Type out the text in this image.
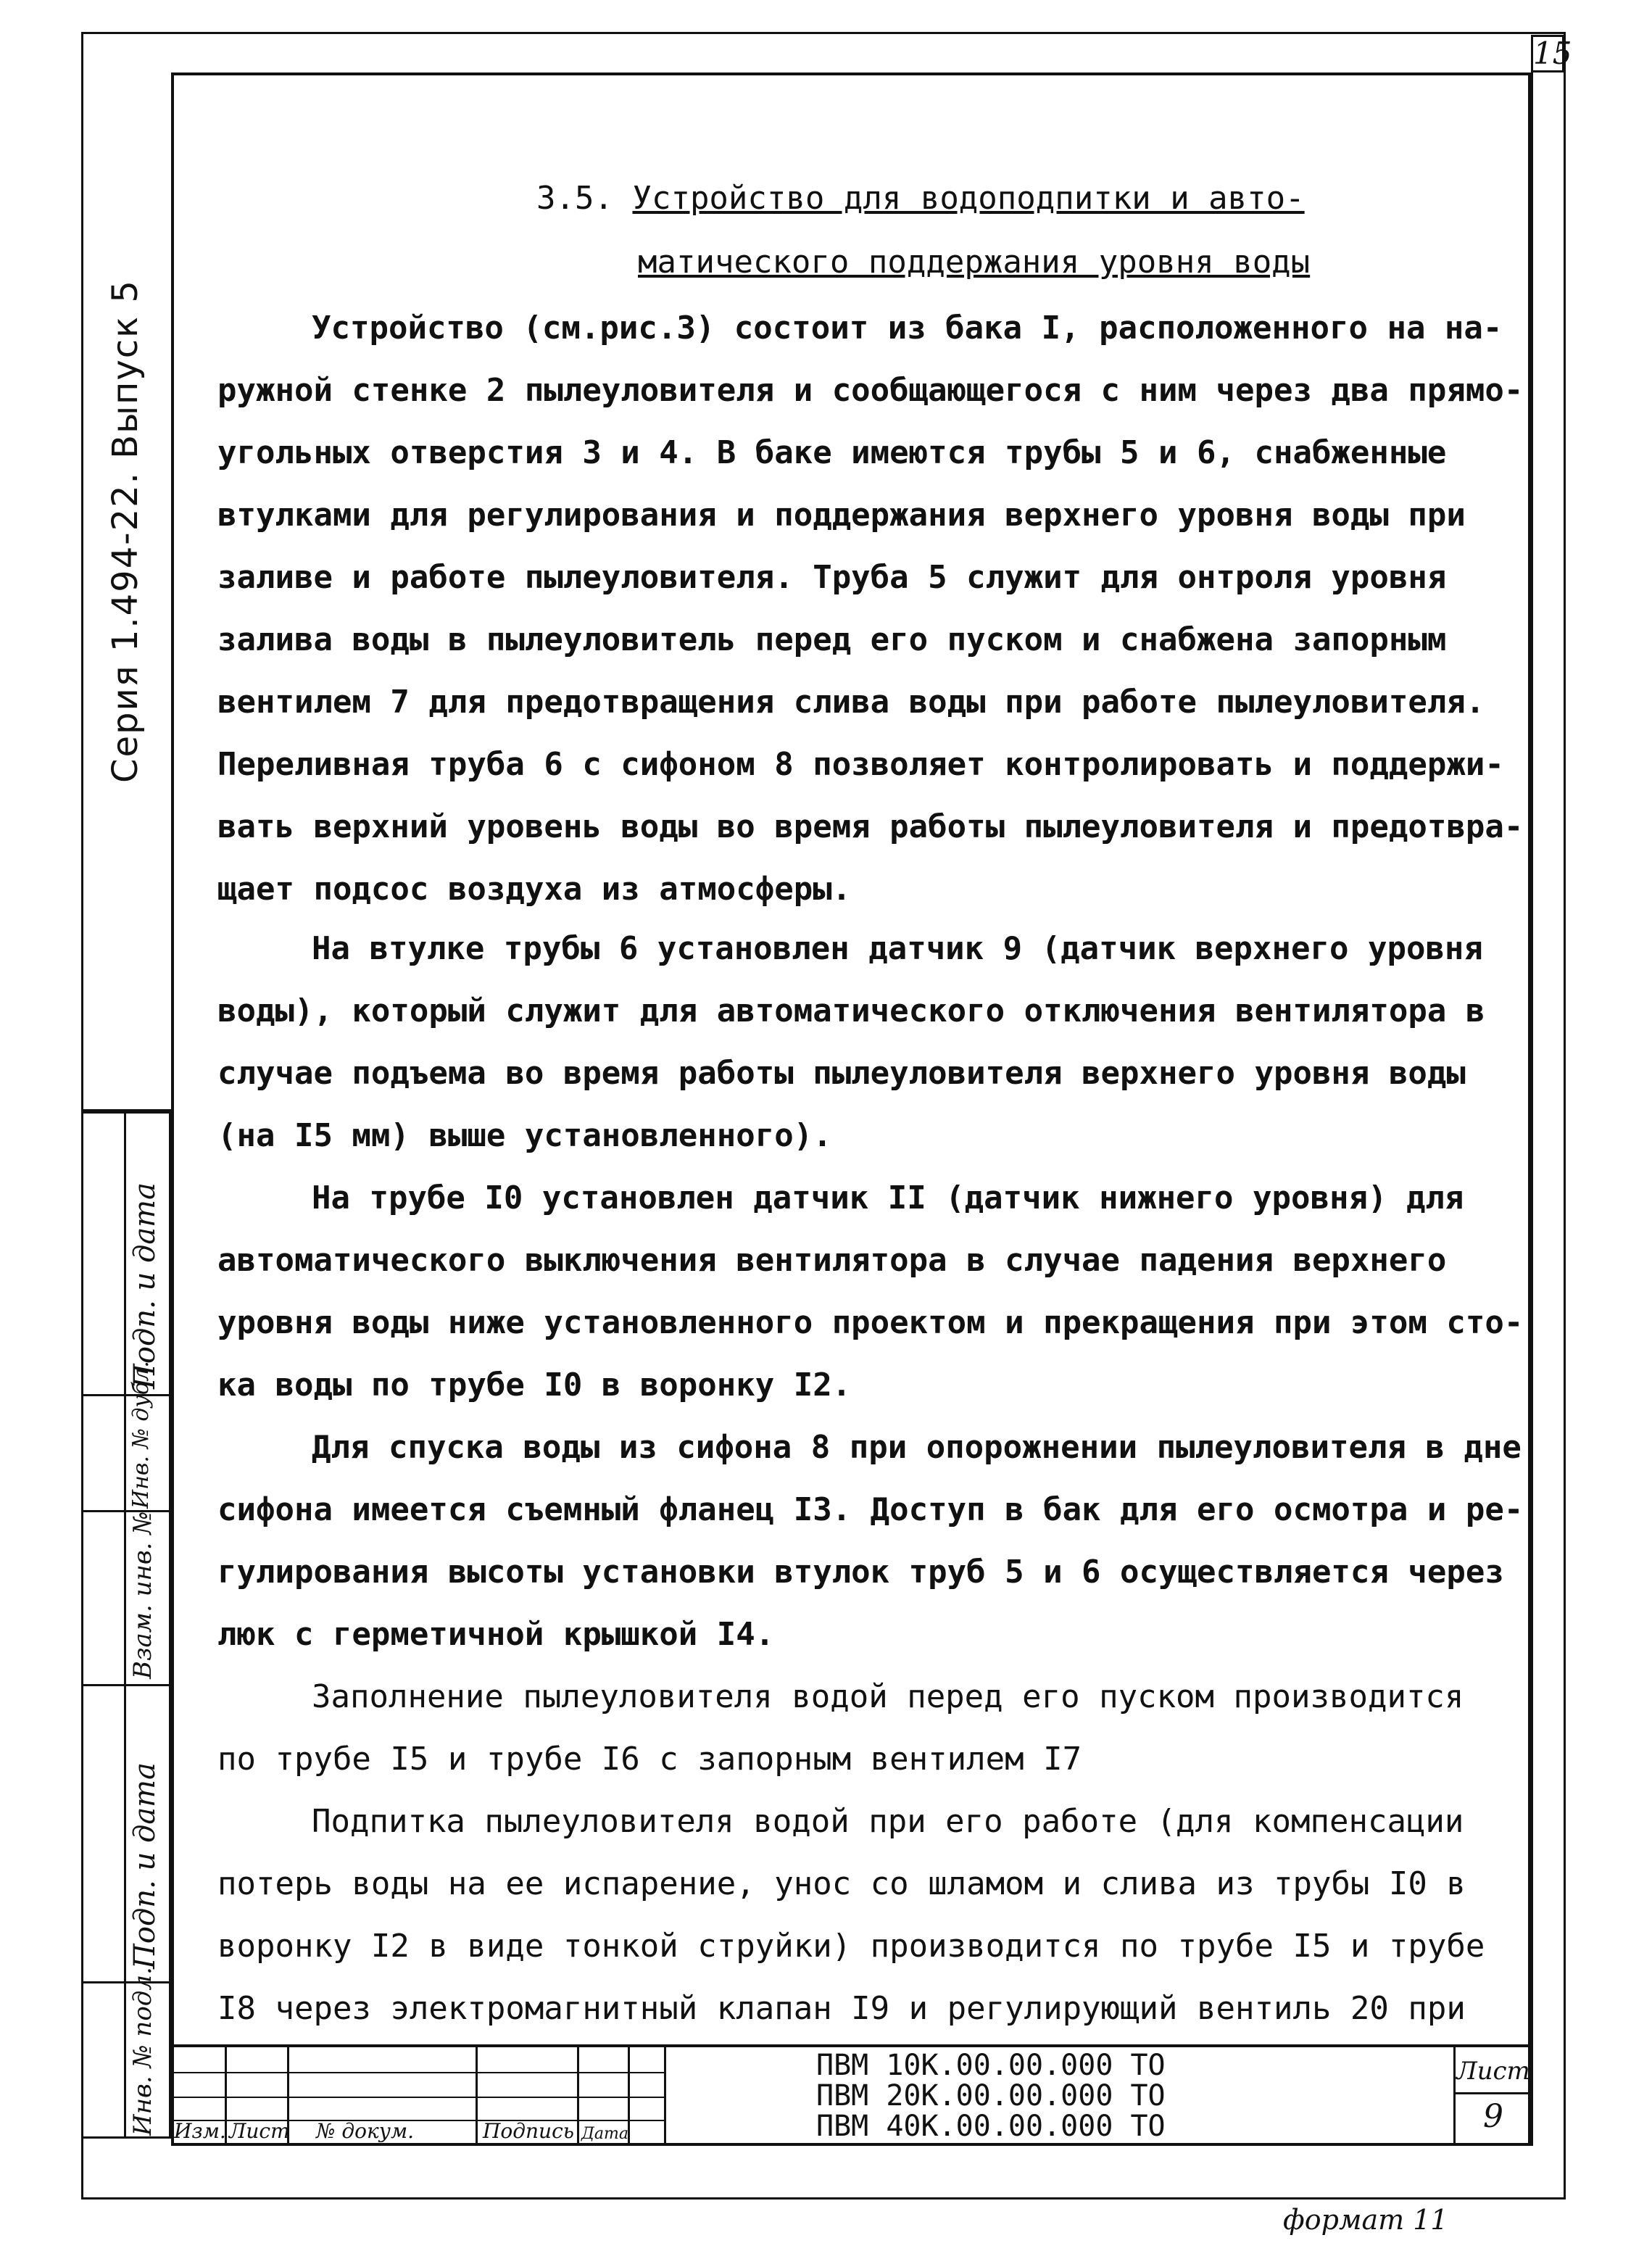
15
Серия 1.494-22. Выпуск 5
Подп. и дата
Инв. № дубл.
Взам. инв. №
Подп. и дата
Инв. № подл.
3.5. Устройство для водоподпитки и авто-
матического поддержания уровня воды
Устройство (см.рис.3) состоит из бака I, расположенного на на-
ружной стенке 2 пылеуловителя и сообщающегося с ним через два прямо-
угольных отверстия 3 и 4. В баке имеются трубы 5 и 6, снабженные
втулками для регулирования и поддержания верхнего уровня воды при
заливе и работе пылеуловителя. Труба 5 служит для онтроля уровня
залива воды в пылеуловитель перед его пуском и снабжена запорным
вентилем 7 для предотвращения слива воды при работе пылеуловителя.
Переливная труба 6 с сифоном 8 позволяет контролировать и поддержи-
вать верхний уровень воды во время работы пылеуловителя и предотвра-
щает подсос воздуха из атмосферы.
На втулке трубы 6 установлен датчик 9 (датчик верхнего уровня
воды), который служит для автоматического отключения вентилятора в
случае подъема во время работы пылеуловителя верхнего уровня воды
(на I5 мм) выше установленного).
На трубе I0 установлен датчик II (датчик нижнего уровня) для
автоматического выключения вентилятора в случае падения верхнего
уровня воды ниже установленного проектом и прекращения при этом сто-
ка воды по трубе I0 в воронку I2.
Для спуска воды из сифона 8 при опорожнении пылеуловителя в дне
сифона имеется съемный фланец I3. Доступ в бак для его осмотра и ре-
гулирования высоты установки втулок труб 5 и 6 осуществляется через
люк с герметичной крышкой I4.
Заполнение пылеуловителя водой перед его пуском производится
по трубе I5 и трубе I6 с запорным вентилем I7
Подпитка пылеуловителя водой при его работе (для компенсации
потерь воды на ее испарение, унос со шламом и слива из трубы I0 в
воронку I2 в виде тонкой струйки) производится по трубе I5 и трубе
I8 через электромагнитный клапан I9 и регулирующий вентиль 20 при
Изм. Лист № докум.	Подпись Дата
ПВМ 10К.00.00.000 ТО
ПВМ 20К.00.00.000 ТО
ПВМ 40К.00.00.000 ТО
Лист
9
формат 11
